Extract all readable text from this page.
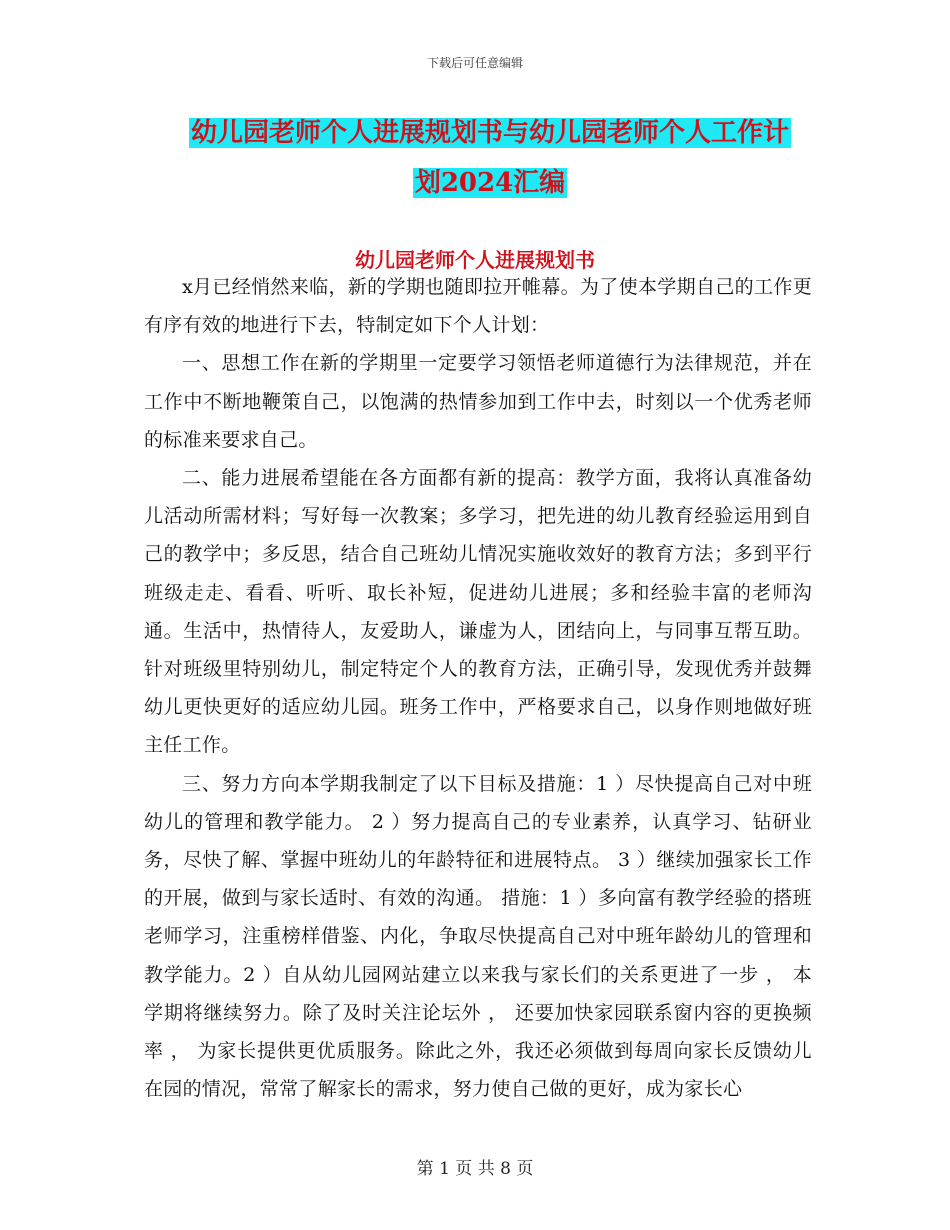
下载后可任意编辑
幼儿园老师个人进展规划书与幼儿园老师个人工作计
划2024汇编
幼儿园老师个人进展规划书

x月已经悄然来临，新的学期也随即拉开帷幕。为了使本学期自己的工作更有序有效的地进行下去，特制定如下个人计划：

一、思想工作在新的学期里一定要学习领悟老师道德行为法律规范，并在工作中不断地鞭策自己，以饱满的热情参加到工作中去，时刻以一个优秀老师的标准来要求自己。

二、能力进展希望能在各方面都有新的提高：教学方面，我将认真准备幼儿活动所需材料；写好每一次教案；多学习，把先进的幼儿教育经验运用到自己的教学中；多反思，结合自己班幼儿情况实施收效好的教育方法；多到平行班级走走、看看、听听、取长补短，促进幼儿进展；多和经验丰富的老师沟通。生活中，热情待人，友爱助人，谦虚为人，团结向上，与同事互帮互助。针对班级里特别幼儿，制定特定个人的教育方法，正确引导，发现优秀并鼓舞幼儿更快更好的适应幼儿园。班务工作中，严格要求自己，以身作则地做好班主任工作。

三、努力方向本学期我制定了以下目标及措施：1 ）尽快提高自己对中班幼儿的管理和教学能力。 2 ）努力提高自己的专业素养，认真学习、钻研业务，尽快了解、掌握中班幼儿的年龄特征和进展特点。 3 ）继续加强家长工作的开展，做到与家长适时、有效的沟通。 措施：1 ）多向富有教学经验的搭班老师学习，注重榜样借鉴、内化，争取尽快提高自己对中班年龄幼儿的管理和教学能力。2 ）自从幼儿园网站建立以来我与家长们的关系更进了一步 ， 本学期将继续努力。除了及时关注论坛外 ， 还要加快家园联系窗内容的更换频率 ， 为家长提供更优质服务。除此之外，我还必须做到每周向家长反馈幼儿在园的情况，常常了解家长的需求，努力使自己做的更好，成为家长心

第 1 页 共 8 页
